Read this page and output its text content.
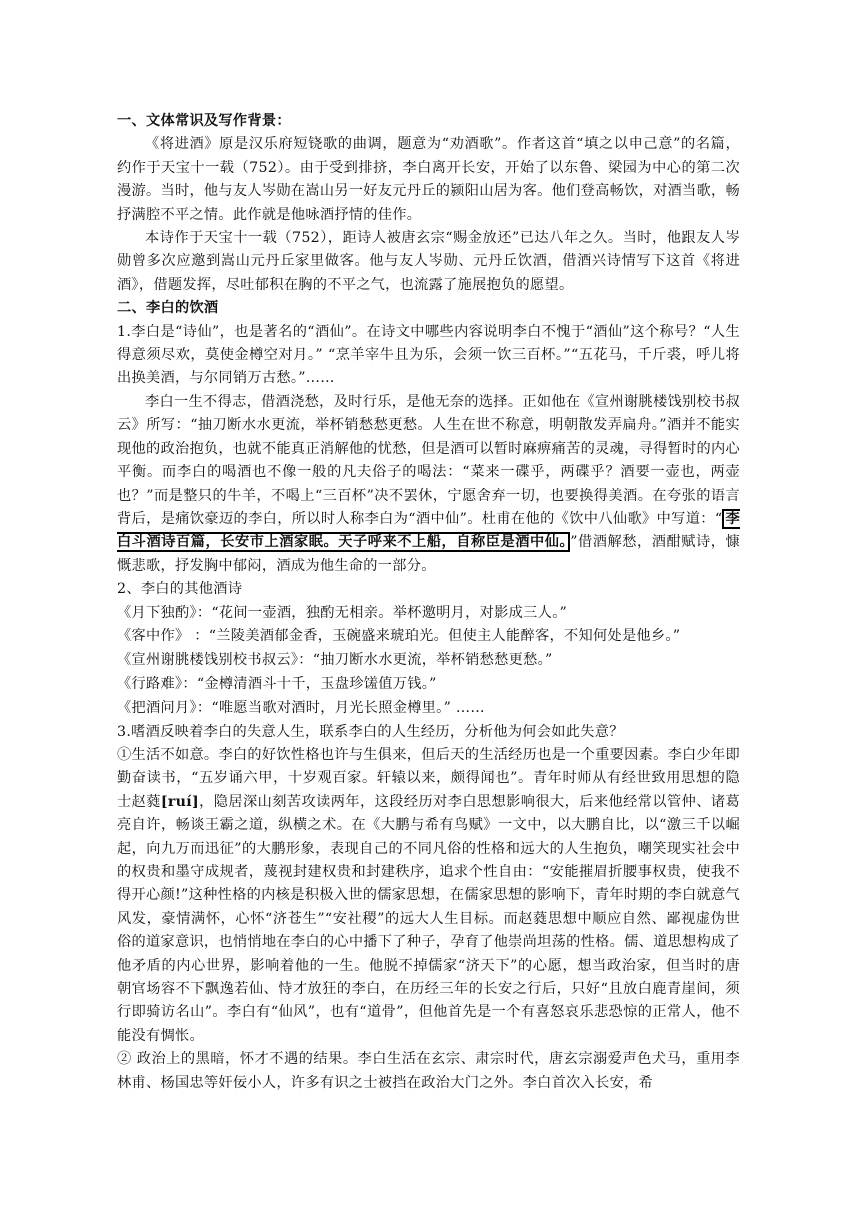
一、文体常识及写作背景：

《将进酒》原是汉乐府短铙歌的曲调，题意为“劝酒歌”。作者这首“填之以申己意”的名篇，约作于天宝十一载（752）。由于受到排挤，李白离开长安，开始了以东鲁、梁园为中心的第二次漫游。当时，他与友人岑勋在嵩山另一好友元丹丘的颍阳山居为客。他们登高畅饮，对酒当歌，畅抒满腔不平之情。此作就是他咏酒抒情的佳作。

本诗作于天宝十一载（752），距诗人被唐玄宗“赐金放还”已达八年之久。当时，他跟友人岑勋曾多次应邀到嵩山元丹丘家里做客。他与友人岑勋、元丹丘饮酒，借酒兴诗情写下这首《将进酒》，借题发挥，尽吐郁积在胸的不平之气，也流露了施展抱负的愿望。

二、李白的饮酒

1.李白是“诗仙”，也是著名的“酒仙”。在诗文中哪些内容说明李白不愧于“酒仙”这个称号？“人生得意须尽欢，莫使金樽空对月。” “烹羊宰牛且为乐，会须一饮三百杯。”“五花马，千斤裘，呼儿将出换美酒，与尔同销万古愁。”……

李白一生不得志，借酒浇愁，及时行乐，是他无奈的选择。正如他在《宣州谢朓楼饯别校书叔云》所写：“抽刀断水水更流，举杯销愁愁更愁。人生在世不称意，明朝散发弄扁舟。”酒并不能实现他的政治抱负，也就不能真正消解他的忧愁，但是酒可以暂时麻痹痛苦的灵魂，寻得暂时的内心平衡。而李白的喝酒也不像一般的凡夫俗子的喝法：“菜来一碟乎，两碟乎？酒要一壶也，两壶也？”而是整只的牛羊，不喝上“三百杯”决不罢休，宁愿舍弃一切，也要换得美酒。在夸张的语言背后，是痛饮豪迈的李白，所以时人称李白为“酒中仙”。杜甫在他的《饮中八仙歌》中写道：“ 李白斗酒诗百篇，长安市上酒家眠。天子呼来不上船，自称臣是酒中仙。 ”借酒解愁，酒酣赋诗，慷慨悲歌，抒发胸中郁闷，酒成为他生命的一部分。

2、李白的其他酒诗

《月下独酌》：“花间一壶酒，独酌无相亲。举杯邀明月，对影成三人。”

《客中作》 ：“兰陵美酒郁金香，玉碗盛来琥珀光。但使主人能醉客，不知何处是他乡。”

《宣州谢朓楼饯别校书叔云》：“抽刀断水水更流，举杯销愁愁更愁。”

《行路难》：“金樽清酒斗十千，玉盘珍馐值万钱。”

《把酒问月》：“唯愿当歌对酒时，月光长照金樽里。” ……

3.嗜酒反映着李白的失意人生，联系李白的人生经历，分析他为何会如此失意？

①生活不如意。李白的好饮性格也许与生俱来，但后天的生活经历也是一个重要因素。李白少年即勤奋读书，“五岁诵六甲，十岁观百家。轩辕以来，颇得闻也”。青年时师从有经世致用思想的隐士赵蕤[ruí]，隐居深山刻苦攻读两年，这段经历对李白思想影响很大，后来他经常以管仲、诸葛亮自许，畅谈王霸之道，纵横之术。在《大鹏与希有鸟赋》一文中，以大鹏自比，以“激三千以崛起，向九万而迅征”的大鹏形象，表现自己的不同凡俗的性格和远大的人生抱负，嘲笑现实社会中的权贵和墨守成规者，蔑视封建权贵和封建秩序，追求个性自由：“安能摧眉折腰事权贵，使我不得开心颜!”这种性格的内核是积极入世的儒家思想，在儒家思想的影响下，青年时期的李白就意气风发，豪情满怀，心怀“济苍生”“安社稷”的远大人生目标。而赵蕤思想中顺应自然、鄙视虚伪世俗的道家意识，也悄悄地在李白的心中播下了种子，孕育了他崇尚坦荡的性格。儒、道思想构成了他矛盾的内心世界，影响着他的一生。他脱不掉儒家“济天下”的心愿，想当政治家，但当时的唐朝官场容不下飘逸若仙、恃才放狂的李白，在历经三年的长安之行后，只好“且放白鹿青崖间，须行即骑访名山”。李白有“仙风”，也有“道骨”，但他首先是一个有喜怒哀乐悲恐惊的正常人，他不能没有惆怅。

② 政治上的黑暗，怀才不遇的结果。李白生活在玄宗、肃宗时代，唐玄宗溺爱声色犬马，重用李林甫、杨国忠等奸佞小人，许多有识之士被挡在政治大门之外。李白首次入长安，希
